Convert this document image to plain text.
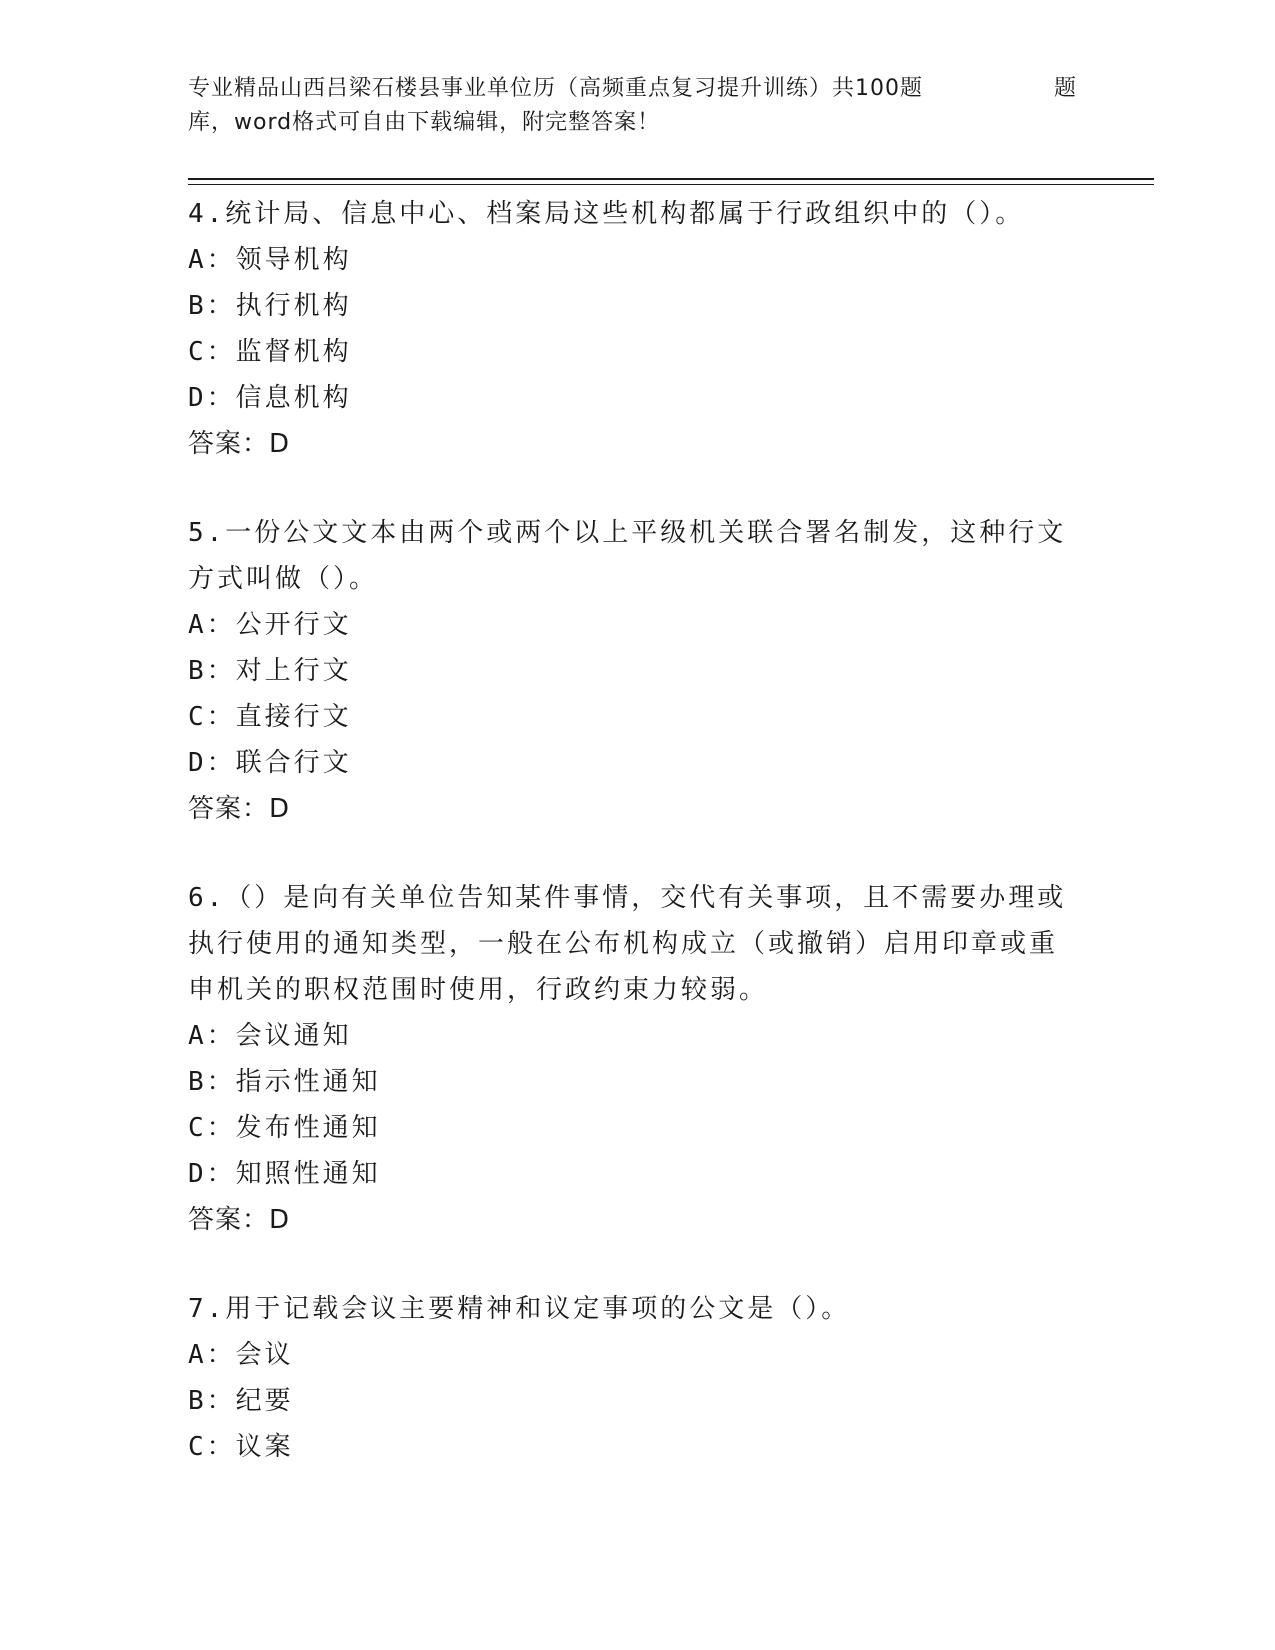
专业精品山西吕梁石楼县事业单位历（高频重点复习提升训练）共100题	题
库，word格式可自由下载编辑，附完整答案！
4.统计局、信息中心、档案局这些机构都属于行政组织中的（）。
A：领导机构
B：执行机构
C：监督机构
D：信息机构
答案：D
5.一份公文文本由两个或两个以上平级机关联合署名制发，这种行文
方式叫做（）。
A：公开行文
B：对上行文
C：直接行文
D：联合行文
答案：D
6.（）是向有关单位告知某件事情，交代有关事项，且不需要办理或
执行使用的通知类型，一般在公布机构成立（或撤销）启用印章或重
申机关的职权范围时使用，行政约束力较弱。
A：会议通知
B：指示性通知
C：发布性通知
D：知照性通知
答案：D
7.用于记载会议主要精神和议定事项的公文是（）。
A：会议
B：纪要
C：议案
